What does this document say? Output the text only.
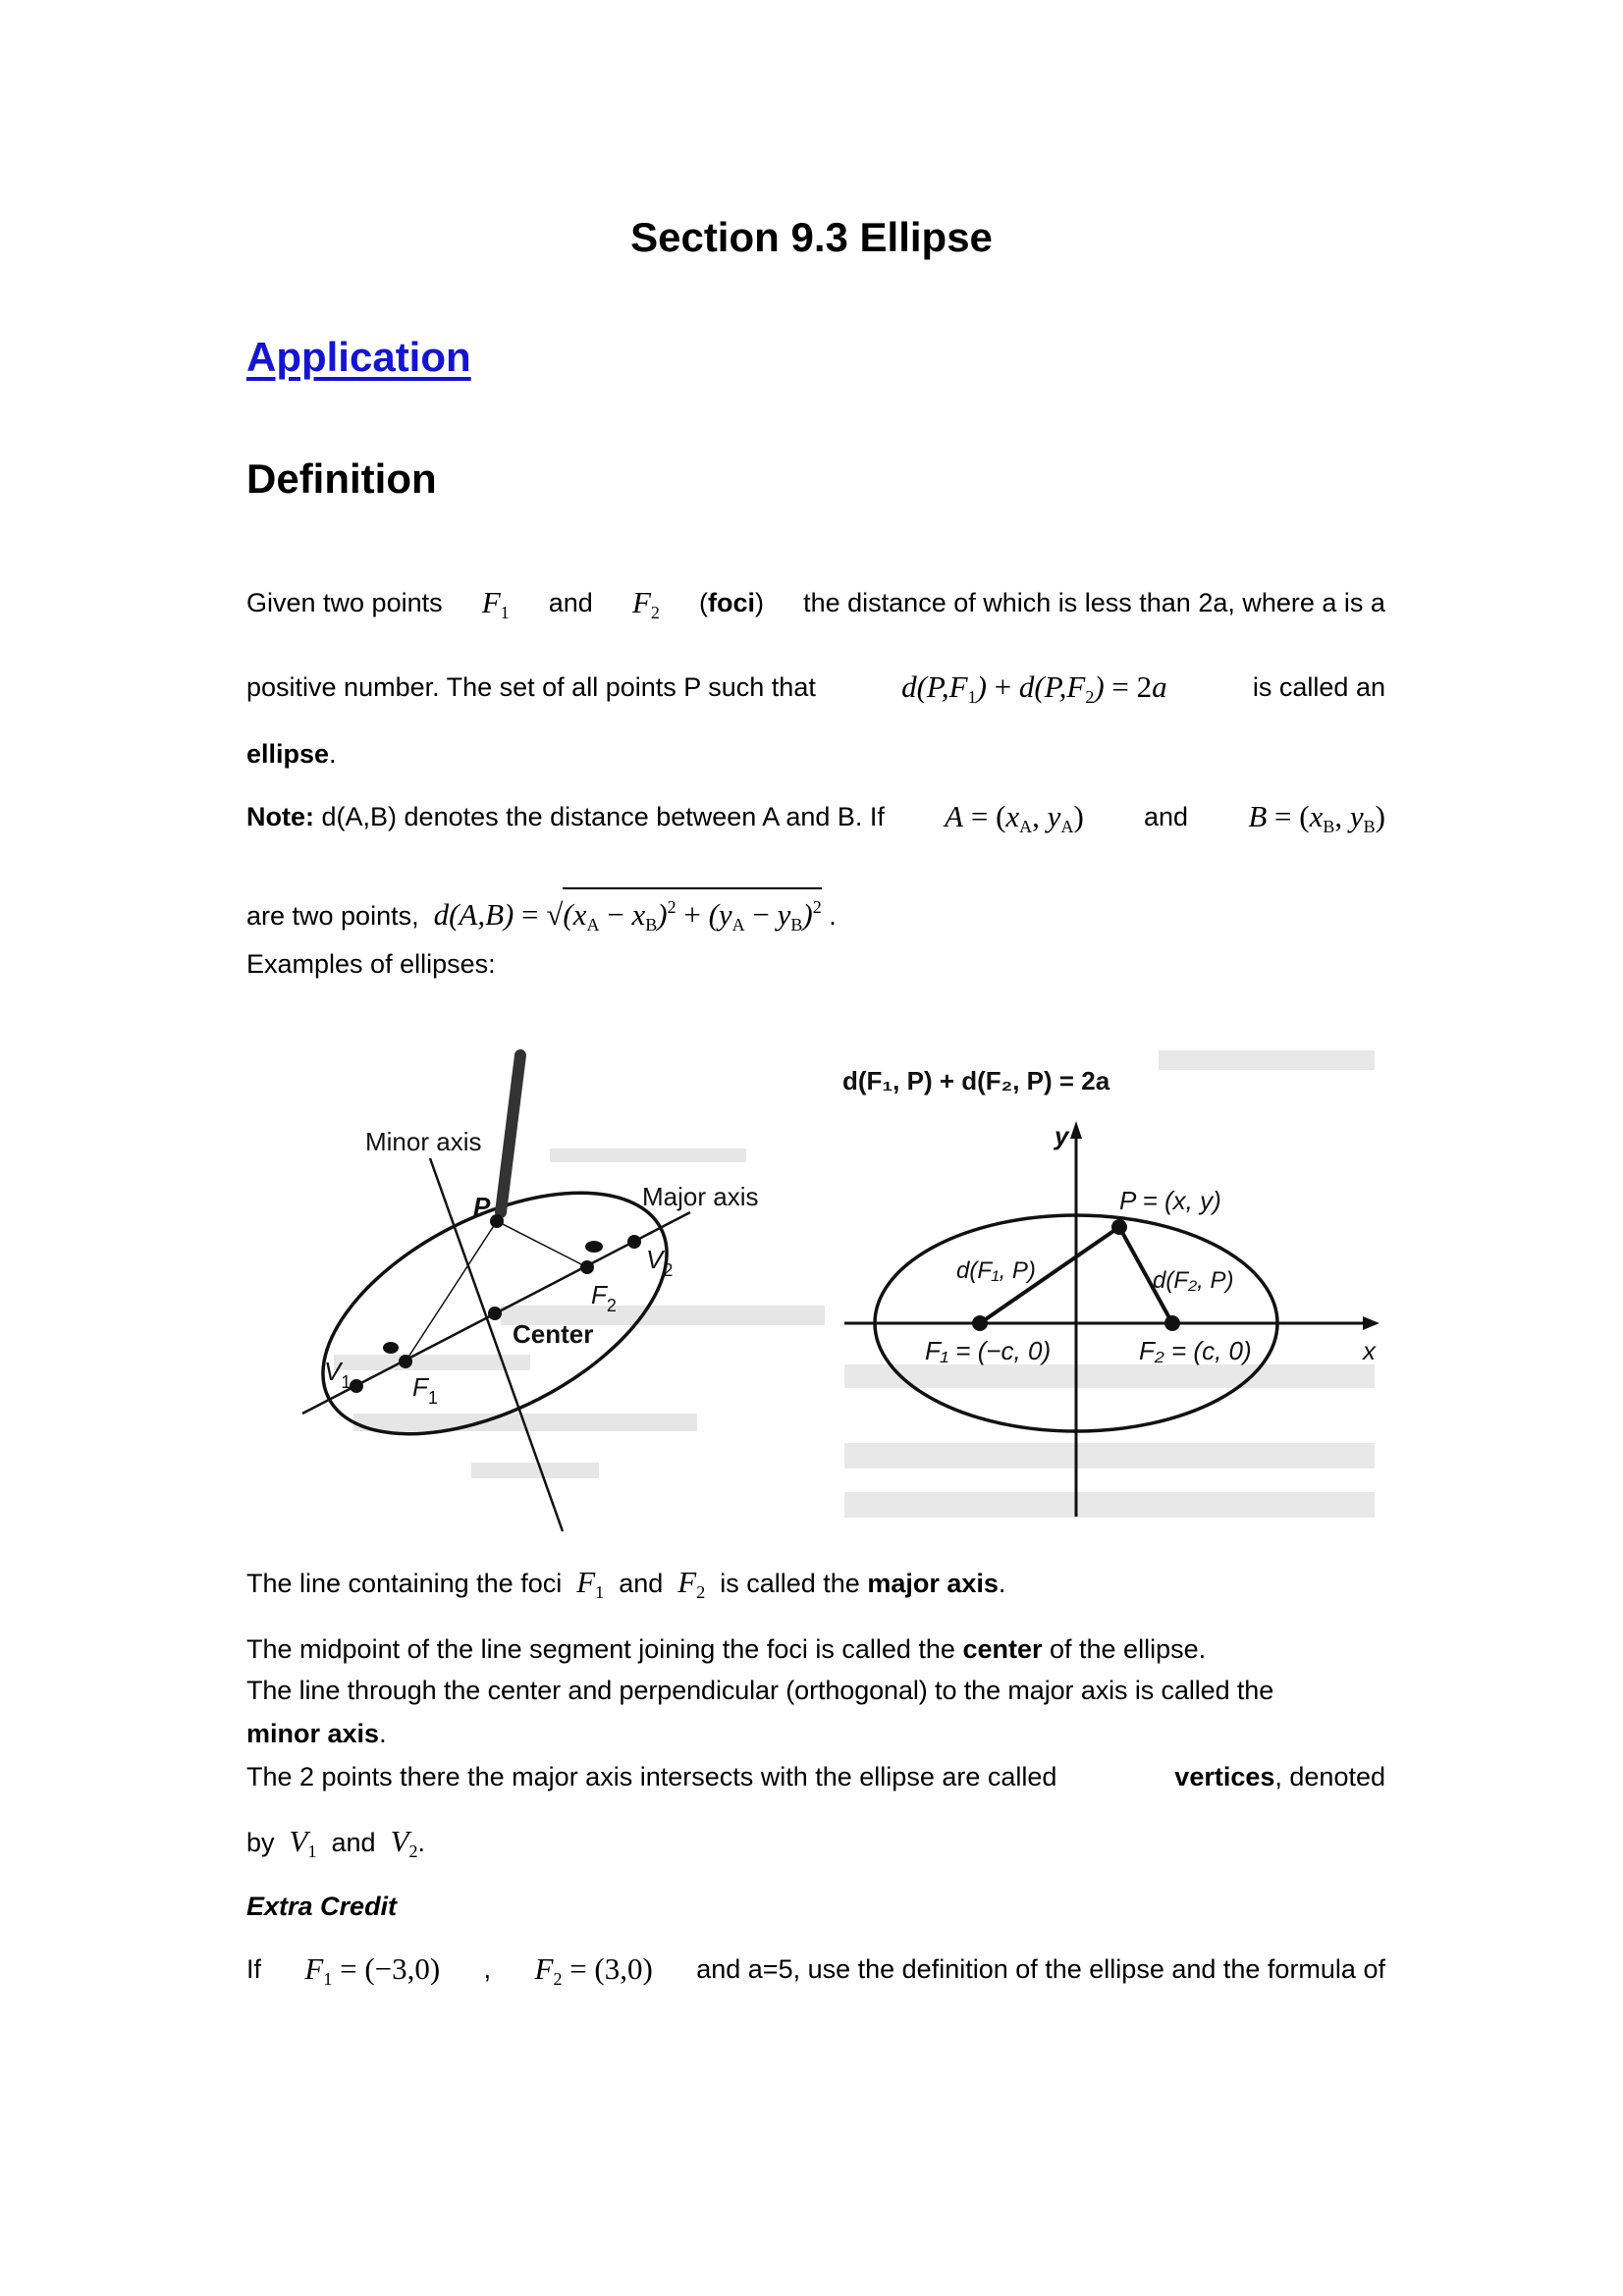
Section 9.3 Ellipse
Application
Definition
Given two points $F_1$ and $F_2$ (foci) the distance of which is less than 2a, where a is a
positive number. The set of all points P such that	$d(P,F_1) + d(P,F_2) = 2a$	is called an
ellipse.
Note: d(A,B) denotes the distance between A and B. If $A = (x_A$, $y_A$) and $B = (x_B$, $y_B$)
are two points, $d(A,B) = √(x_A - x_B)^2 + (y_A - y_B)^2$ .
Examples of ellipses:
Minor axis
Major axis
P
Center
$V_1$
$V_2$
$F_1$
$F_2$
d(F₁, P) + d(F₂, P) = 2a
y
x
P = (x, y)
d(F₁, P)	d(F₂, P)
F₁ = (−c, 0)	F₂ = (c, 0)
The line containing the foci $F_1$ and $F_2$ is called the major axis.
The midpoint of the line segment joining the foci is called the center of the ellipse.
The line through the center and perpendicular (orthogonal) to the major axis is called the
minor axis.
The 2 points there the major axis intersects with the ellipse are called	vertices, denoted
by $V_1$ and $V_2$.
Extra Credit
If $F_1 = (-3,0)$ , $F_2 = (3,0)$ and a=5, use the definition of the ellipse and the formula of
